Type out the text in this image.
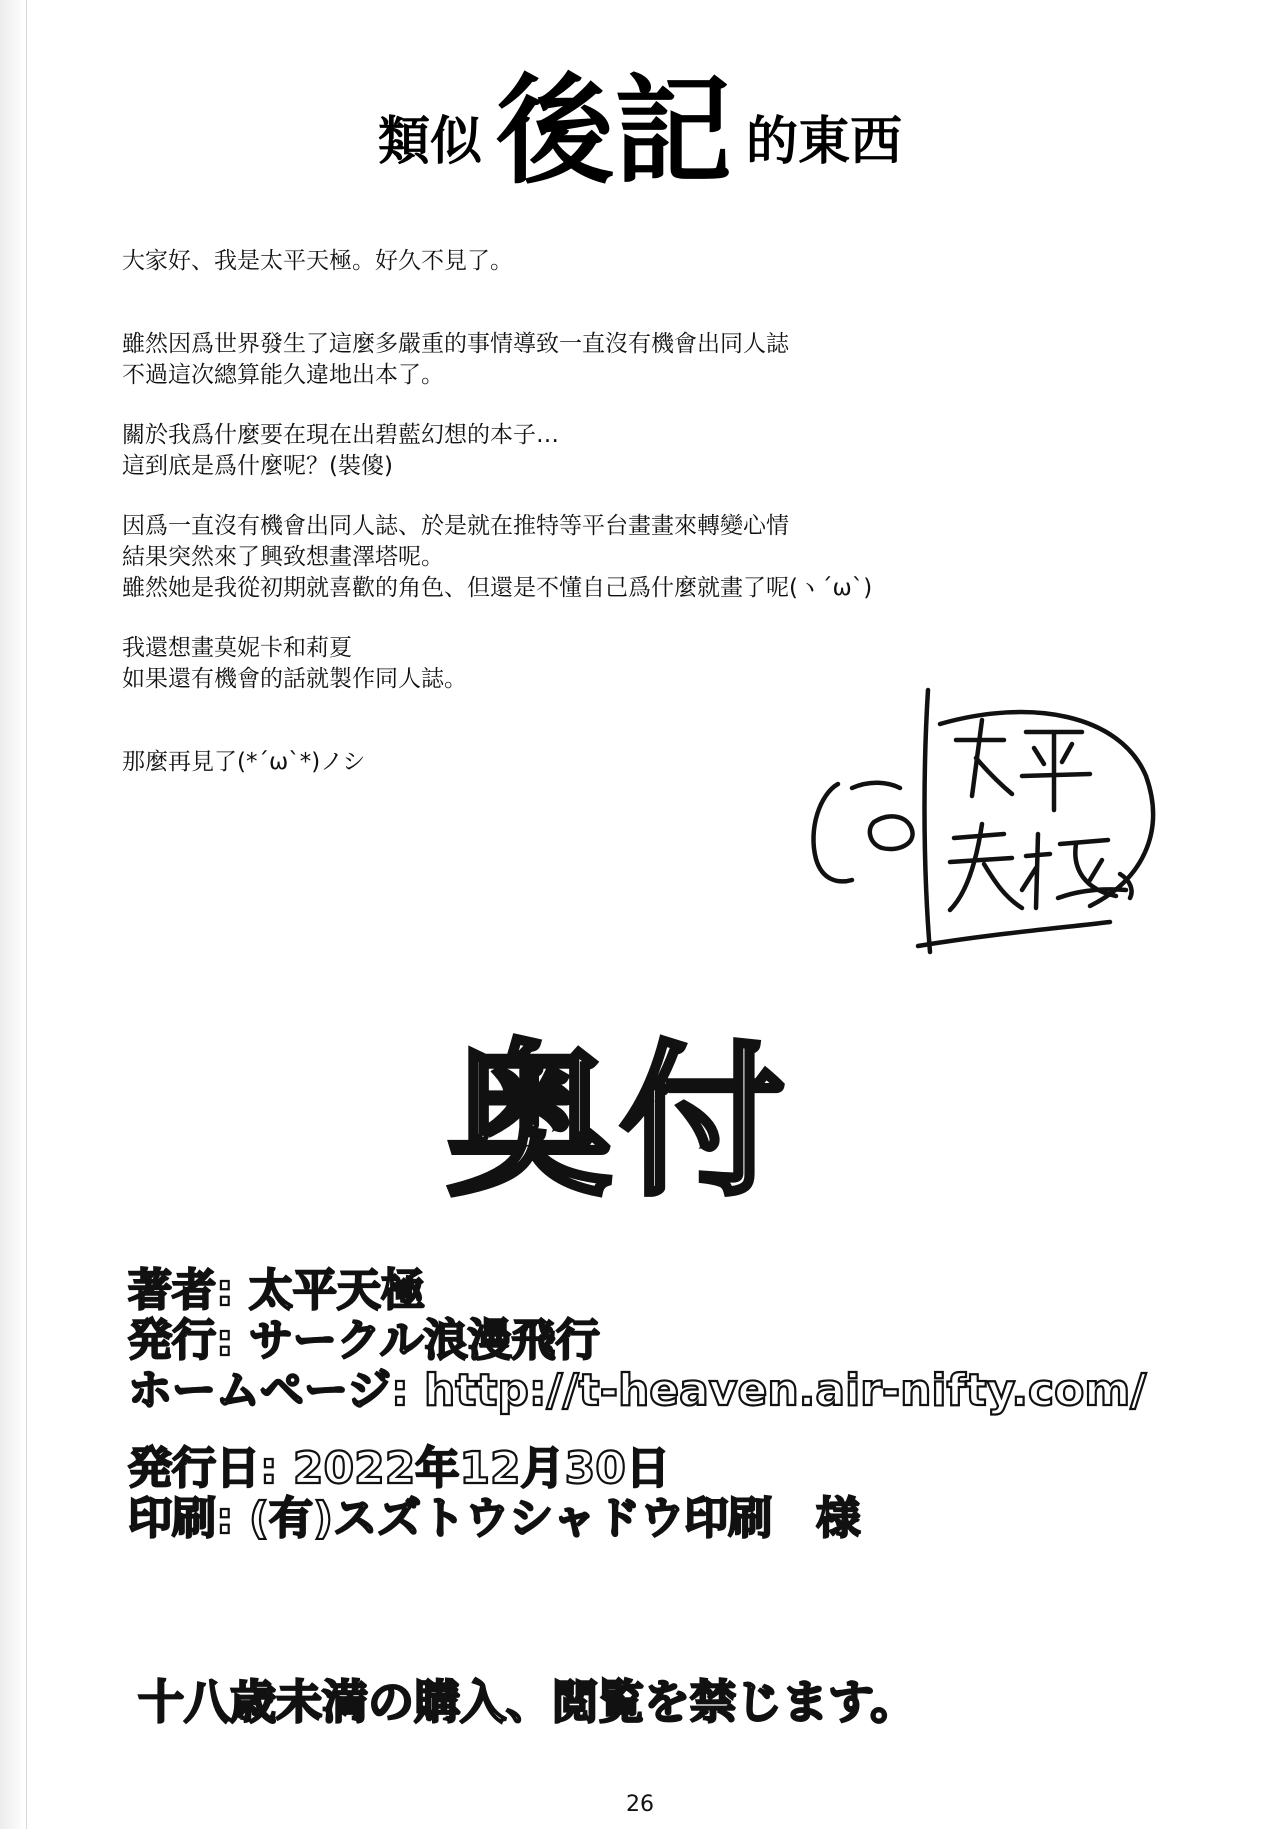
類似 後記 的東西

大家好、我是太平天極。好久不見了。

雖然因爲世界發生了這麼多嚴重的事情導致一直沒有機會出同人誌

不過這次總算能久違地出本了。

關於我爲什麼要在現在出碧藍幻想的本子…

這到底是爲什麼呢？(裝傻)

因爲一直沒有機會出同人誌、於是就在推特等平台畫畫來轉變心情

結果突然來了興致想畫澤塔呢。

雖然她是我從初期就喜歡的角色、但還是不懂自己爲什麼就畫了呢(ヽ´ω`)

我還想畫莫妮卡和莉夏

如果還有機會的話就製作同人誌。

那麼再見了(*´ω`*)ノシ

奥付
著者: 太平天極
発行: サークル浪漫飛行
ホームページ: http://t-heaven.air-nifty.com/
発行日: 2022年12月30日
印刷: (有)スズトウシャドウ印刷　様
十八歳未満の購入、閲覧を禁じます。
26
